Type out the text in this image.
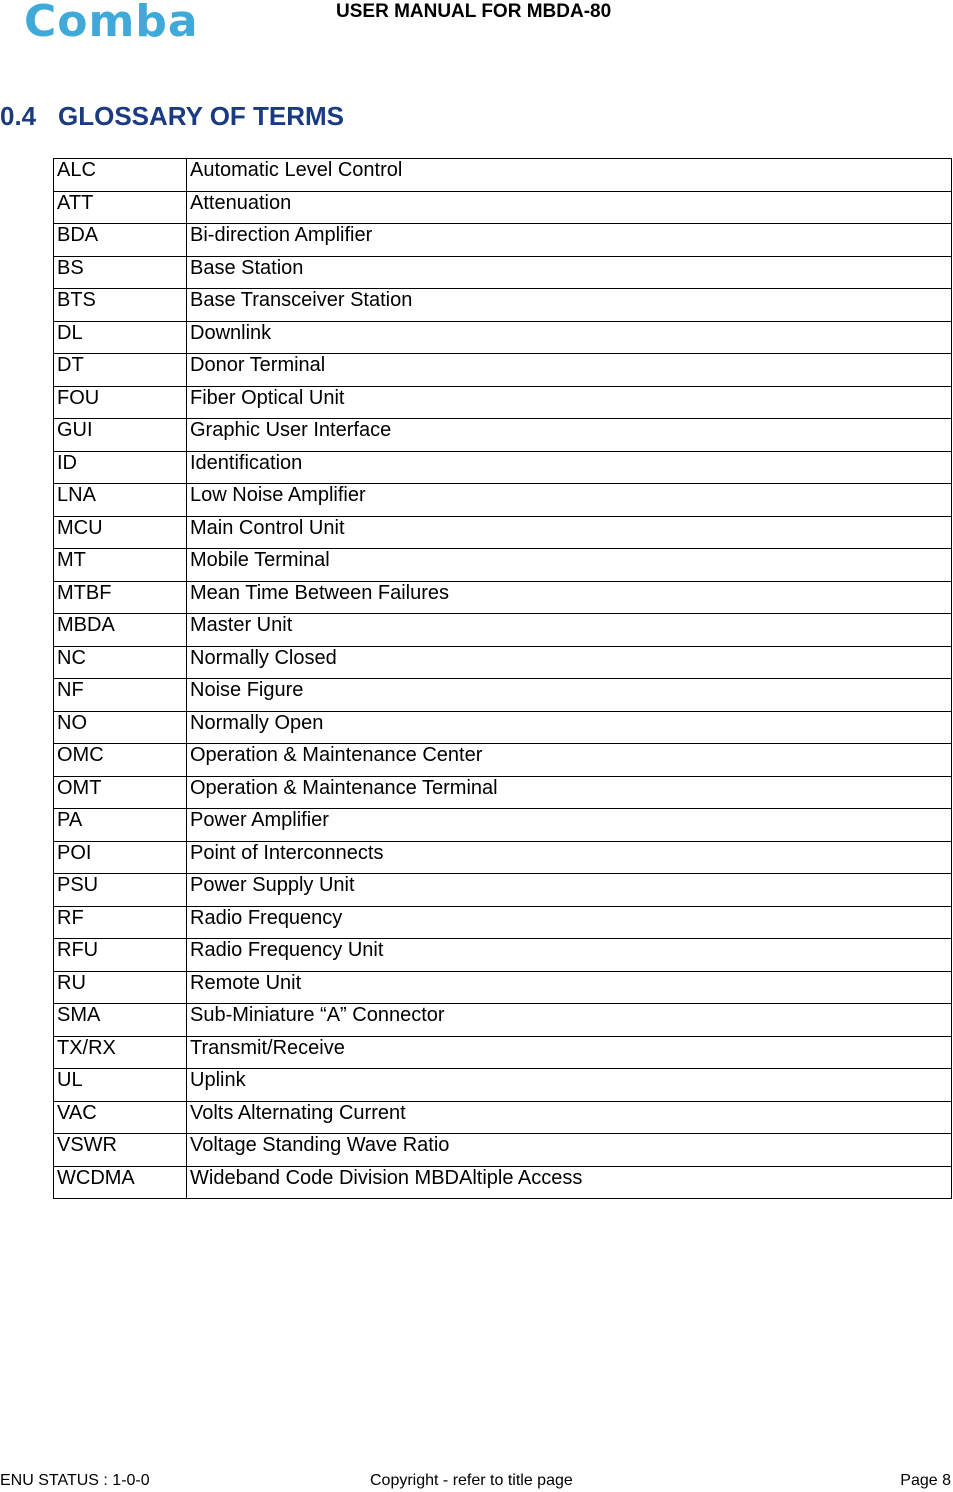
Comba	USER MANUAL FOR MBDA-80
0.4 GLOSSARY OF TERMS
ALC	Automatic Level Control
ATT	Attenuation
BDA	Bi-direction Amplifier
BS	Base Station
BTS	Base Transceiver Station
DL	Downlink
DT	Donor Terminal
FOU	Fiber Optical Unit
GUI	Graphic User Interface
ID	Identification
LNA	Low Noise Amplifier
MCU	Main Control Unit
MT	Mobile Terminal
MTBF	Mean Time Between Failures
MBDA	Master Unit
NC	Normally Closed
NF	Noise Figure
NO	Normally Open
OMC	Operation & Maintenance Center
OMT	Operation & Maintenance Terminal
PA	Power Amplifier
POI	Point of Interconnects
PSU	Power Supply Unit
RF	Radio Frequency
RFU	Radio Frequency Unit
RU	Remote Unit
SMA	Sub-Miniature “A” Connector
TX/RX	Transmit/Receive
UL	Uplink
VAC	Volts Alternating Current
VSWR	Voltage Standing Wave Ratio
WCDMA	Wideband Code Division MBDAltiple Access
ENU STATUS : 1-0-0	Copyright - refer to title page	Page 8
